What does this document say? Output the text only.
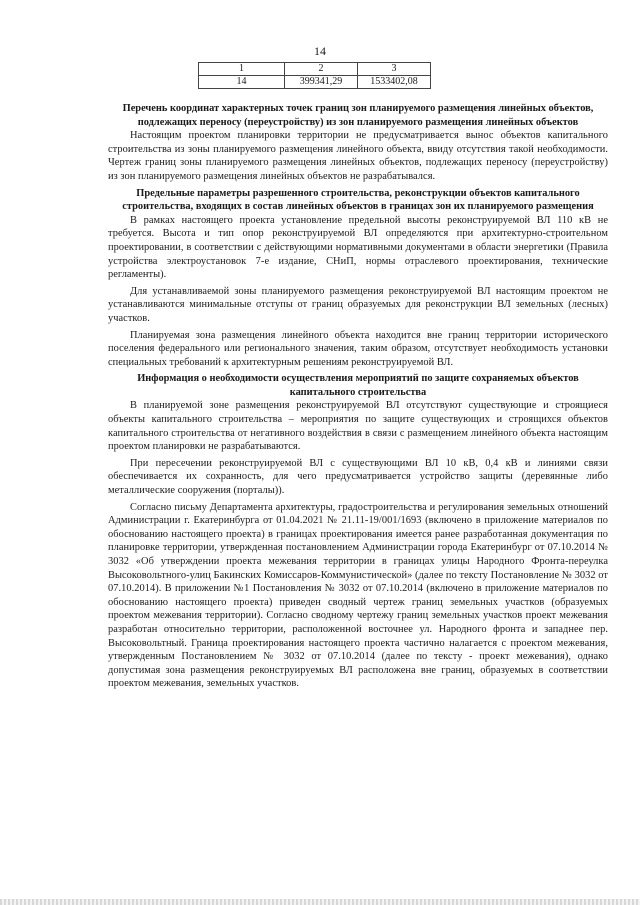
14
1	2	3
14	399341,29	1533402,08

Перечень координат характерных точек границ зон планируемого размещения линейных объектов, подлежащих переносу (переустройству) из зон планируемого размещения линейных объектов

Настоящим проектом планировки территории не предусматривается вынос объектов капитального строительства из зоны планируемого размещения линейного объекта, ввиду отсутствия такой необходимости. Чертеж границ зоны планируемого размещения линейных объектов, подлежащих переносу (переустройству) из зон планируемого размещения линейных объектов не разрабатывался.

Предельные параметры разрешенного строительства, реконструкции объектов капитального строительства, входящих в состав линейных объектов в границах зон их планируемого размещения

В рамках настоящего проекта установление предельной высоты реконструируемой ВЛ 110 кВ не требуется. Высота и тип опор реконструируемой ВЛ определяются при архитектурно-строительном проектировании, в соответствии с действующими нормативными документами в области энергетики (Правила устройства электроустановок 7-е издание, СНиП, нормы отраслевого проектирования, технические регламенты).

Для устанавливаемой зоны планируемого размещения реконструируемой ВЛ настоящим проектом не устанавливаются минимальные отступы от границ образуемых для реконструкции ВЛ земельных (лесных) участков.

Планируемая зона размещения линейного объекта находится вне границ территории исторического поселения федерального или регионального значения, таким образом, отсутствует необходимость установки специальных требований к архитектурным решениям реконструируемой ВЛ.

Информация о необходимости осуществления мероприятий по защите сохраняемых объектов капитального строительства

В планируемой зоне размещения реконструируемой ВЛ отсутствуют существующие и строящиеся объекты капитального строительства – мероприятия по защите существующих и строящихся объектов капитального строительства от негативного воздействия в связи с размещением линейного объекта настоящим проектом планировки не разрабатываются.

При пересечении реконструируемой ВЛ с существующими ВЛ 10 кВ, 0,4 кВ и линиями связи обеспечивается их сохранность, для чего предусматривается устройство защиты (деревянные либо металлические сооружения (порталы)).

Согласно письму Департамента архитектуры, градостроительства и регулирования земельных отношений Администрации г. Екатеринбурга от 01.04.2021 № 21.11-19/001/1693 (включено в приложение материалов по обоснованию настоящего проекта) в границах проектирования имеется ранее разработанная документация по планировке территории, утвержденная постановлением Администрации города Екатеринбург от 07.10.2014 № 3032 «Об утверждении проекта межевания территории в границах улицы Народного Фронта-переулка Высоковольтного-улиц Бакинских Комиссаров-Коммунистической» (далее по тексту Постановление № 3032 от 07.10.2014). В приложении №1 Постановления № 3032 от 07.10.2014 (включено в приложение материалов по обоснованию настоящего проекта) приведен сводный чертеж границ земельных участков (образуемых проектом межевания территории). Согласно сводному чертежу границ земельных участков проект межевания разработан относительно территории, расположенной восточнее ул. Народного фронта и западнее пер. Высоковольтный. Граница проектирования настоящего проекта частично налагается с проектом межевания, утвержденным Постановлением № 3032 от 07.10.2014 (далее по тексту - проект межевания), однако допустимая зона размещения реконструируемых ВЛ расположена вне границ, образуемых в соответствии проектом межевания, земельных участков.
